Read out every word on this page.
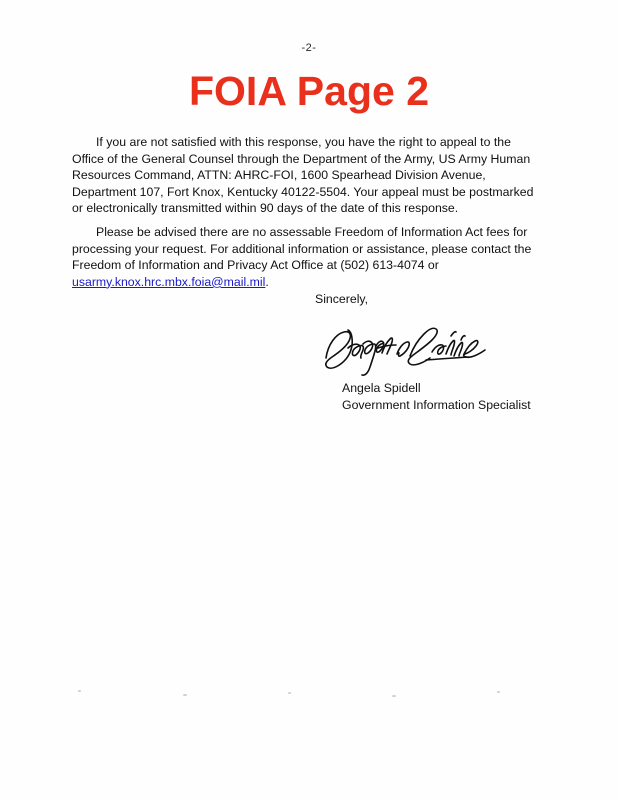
-2-
FOIA Page 2
If you are not satisfied with this response, you have the right to appeal to the Office of the General Counsel through the Department of the Army, US Army Human Resources Command, ATTN: AHRC-FOI, 1600 Spearhead Division Avenue, Department 107, Fort Knox, Kentucky 40122-5504. Your appeal must be postmarked or electronically transmitted within 90 days of the date of this response.
Please be advised there are no assessable Freedom of Information Act fees for processing your request. For additional information or assistance, please contact the Freedom of Information and Privacy Act Office at (502) 613-4074 or usarmy.knox.hrc.mbx.foia@mail.mil.
Sincerely,
Angela Spidell
Government Information Specialist
